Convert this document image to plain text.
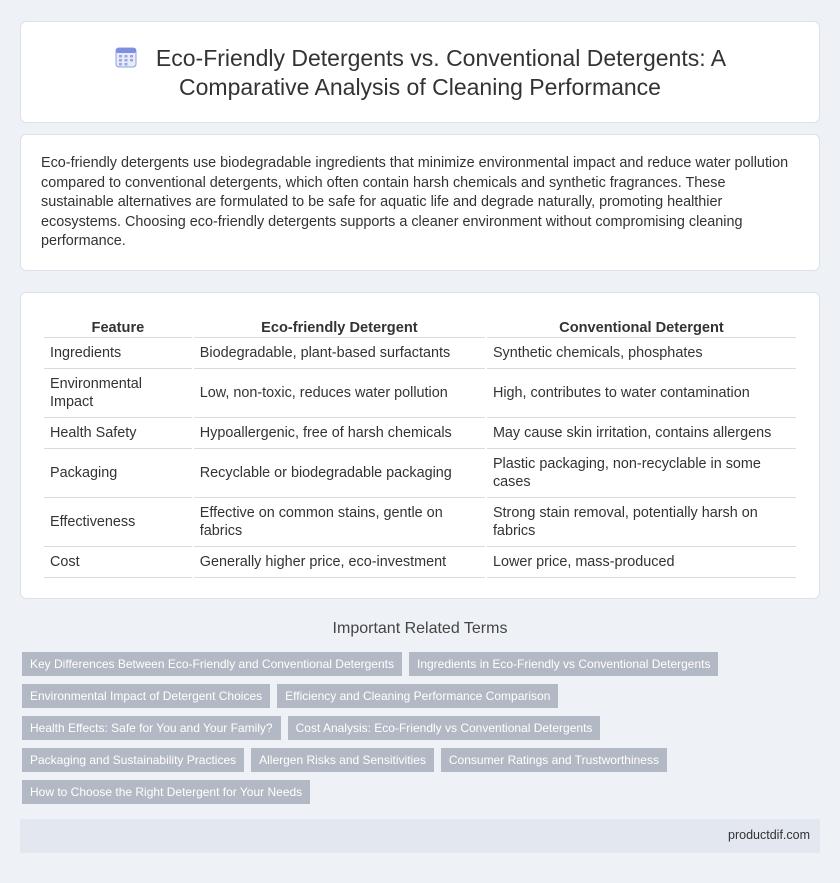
Eco-Friendly Detergents vs. Conventional Detergents: A
Comparative Analysis of Cleaning Performance

Eco-friendly detergents use biodegradable ingredients that minimize environmental impact and reduce water pollution compared to conventional detergents, which often contain harsh chemicals and synthetic fragrances. These sustainable alternatives are formulated to be safe for aquatic life and degrade naturally, promoting healthier ecosystems. Choosing eco-friendly detergents supports a cleaner environment without compromising cleaning performance.

Feature	Eco-friendly Detergent	Conventional Detergent
Ingredients	Biodegradable, plant-based surfactants	Synthetic chemicals, phosphates
Environmental Impact	Low, non-toxic, reduces water pollution	High, contributes to water contamination
Health Safety	Hypoallergenic, free of harsh chemicals	May cause skin irritation, contains allergens
Packaging	Recyclable or biodegradable packaging	Plastic packaging, non-recyclable in some cases
Effectiveness	Effective on common stains, gentle on fabrics	Strong stain removal, potentially harsh on fabrics
Cost	Generally higher price, eco-investment	Lower price, mass-produced
Important Related Terms
Key Differences Between Eco-Friendly and Conventional Detergents	Ingredients in Eco-Friendly vs Conventional Detergents
Environmental Impact of Detergent Choices	Efficiency and Cleaning Performance Comparison
Health Effects: Safe for You and Your Family?	Cost Analysis: Eco-Friendly vs Conventional Detergents
Packaging and Sustainability Practices	Allergen Risks and Sensitivities	Consumer Ratings and Trustworthiness
How to Choose the Right Detergent for Your Needs
productdif.com
